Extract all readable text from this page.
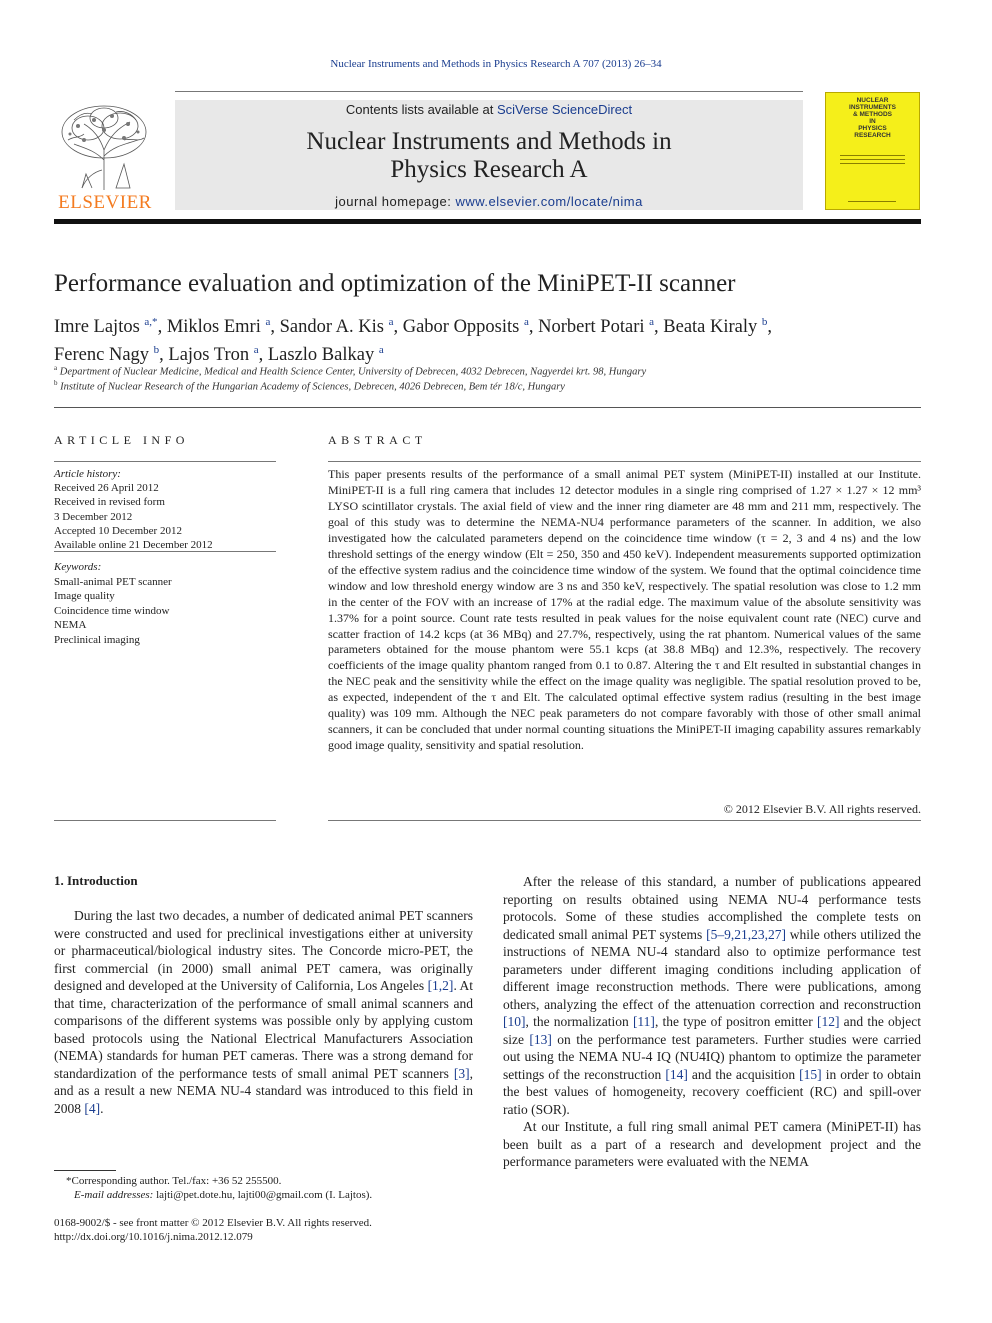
Nuclear Instruments and Methods in Physics Research A 707 (2013) 26–34
ELSEVIER
Contents lists available at SciVerse ScienceDirect
Nuclear Instruments and Methods in
Physics Research A
journal homepage: www.elsevier.com/locate/nima
NUCLEAR
INSTRUMENTS
& METHODS
IN
PHYSICS
RESEARCH
Performance evaluation and optimization of the MiniPET-II scanner
Imre Lajtos $^{a,*}$, Miklos Emri $^a$, Sandor A. Kis $^a$, Gabor Opposits $^a$, Norbert Potari $^a$, Beata Kiraly $^b$,
Ferenc Nagy $^b$, Lajos Tron $^a$, Laszlo Balkay $^a$
$^a$ Department of Nuclear Medicine, Medical and Health Science Center, University of Debrecen, 4032 Debrecen, Nagyerdei krt. 98, Hungary
$^b$ Institute of Nuclear Research of the Hungarian Academy of Sciences, Debrecen, 4026 Debrecen, Bem tér 18/c, Hungary
ARTICLE INFO
Article history:
Received 26 April 2012
Received in revised form
3 December 2012
Accepted 10 December 2012
Available online 21 December 2012
Keywords:
Small-animal PET scanner
Image quality
Coincidence time window
NEMA
Preclinical imaging
ABSTRACT
This paper presents results of the performance of a small animal PET system (MiniPET-II) installed at our Institute. MiniPET-II is a full ring camera that includes 12 detector modules in a single ring comprised of 1.27 × 1.27 × 12 mm³ LYSO scintillator crystals. The axial field of view and the inner ring diameter are 48 mm and 211 mm, respectively. The goal of this study was to determine the NEMA-NU4 performance parameters of the scanner. In addition, we also investigated how the calculated parameters depend on the coincidence time window (τ = 2, 3 and 4 ns) and the low threshold settings of the energy window (Elt = 250, 350 and 450 keV). Independent measurements supported optimization of the effective system radius and the coincidence time window of the system. We found that the optimal coincidence time window and low threshold energy window are 3 ns and 350 keV, respectively. The spatial resolution was close to 1.2 mm in the center of the FOV with an increase of 17% at the radial edge. The maximum value of the absolute sensitivity was 1.37% for a point source. Count rate tests resulted in peak values for the noise equivalent count rate (NEC) curve and scatter fraction of 14.2 kcps (at 36 MBq) and 27.7%, respectively, using the rat phantom. Numerical values of the same parameters obtained for the mouse phantom were 55.1 kcps (at 38.8 MBq) and 12.3%, respectively. The recovery coefficients of the image quality phantom ranged from 0.1 to 0.87. Altering the τ and Elt resulted in substantial changes in the NEC peak and the sensitivity while the effect on the image quality was negligible. The spatial resolution proved to be, as expected, independent of the τ and Elt. The calculated optimal effective system radius (resulting in the best image quality) was 109 mm. Although the NEC peak parameters do not compare favorably with those of other small animal scanners, it can be concluded that under normal counting situations the MiniPET-II imaging capability assures remarkably good image quality, sensitivity and spatial resolution.
© 2012 Elsevier B.V. All rights reserved.
1. Introduction

During the last two decades, a number of dedicated animal PET scanners were constructed and used for preclinical investigations either at university or pharmaceutical/biological industry sites. The Concorde micro-PET, the first commercial (in 2000) small animal PET camera, was originally designed and developed at the University of California, Los Angeles [1,2]. At that time, characterization of the performance of small animal scanners and comparisons of the different systems was possible only by applying custom based protocols using the National Electrical Manufacturers Association (NEMA) standards for human PET cameras. There was a strong demand for standardization of the performance tests of small animal PET scanners [3], and as a result a new NEMA NU-4 standard was introduced to this field in 2008 [4].

After the release of this standard, a number of publications appeared reporting on results obtained using NEMA NU-4 performance tests protocols. Some of these studies accomplished the complete tests on dedicated small animal PET systems [5–9,21,23,27] while others utilized the instructions of NEMA NU-4 standard also to optimize performance test parameters under different imaging conditions including application of different image reconstruction methods. There were publications, among others, analyzing the effect of the attenuation correction and reconstruction [10], the normalization [11], the type of positron emitter [12] and the object size [13] on the performance test parameters. Further studies were carried out using the NEMA NU-4 IQ (NU4IQ) phantom to optimize the parameter settings of the reconstruction [14] and the acquisition [15] in order to obtain the best values of homogeneity, recovery coefficient (RC) and spill-over ratio (SOR).

At our Institute, a full ring small animal PET camera (MiniPET-II) has been built as a part of a research and development project and the performance parameters were evaluated with the NEMA

*Corresponding author. Tel./fax: +36 52 255500.
E-mail addresses: lajti@pet.dote.hu, lajti00@gmail.com (I. Lajtos).
0168-9002/$ - see front matter © 2012 Elsevier B.V. All rights reserved.
http://dx.doi.org/10.1016/j.nima.2012.12.079
